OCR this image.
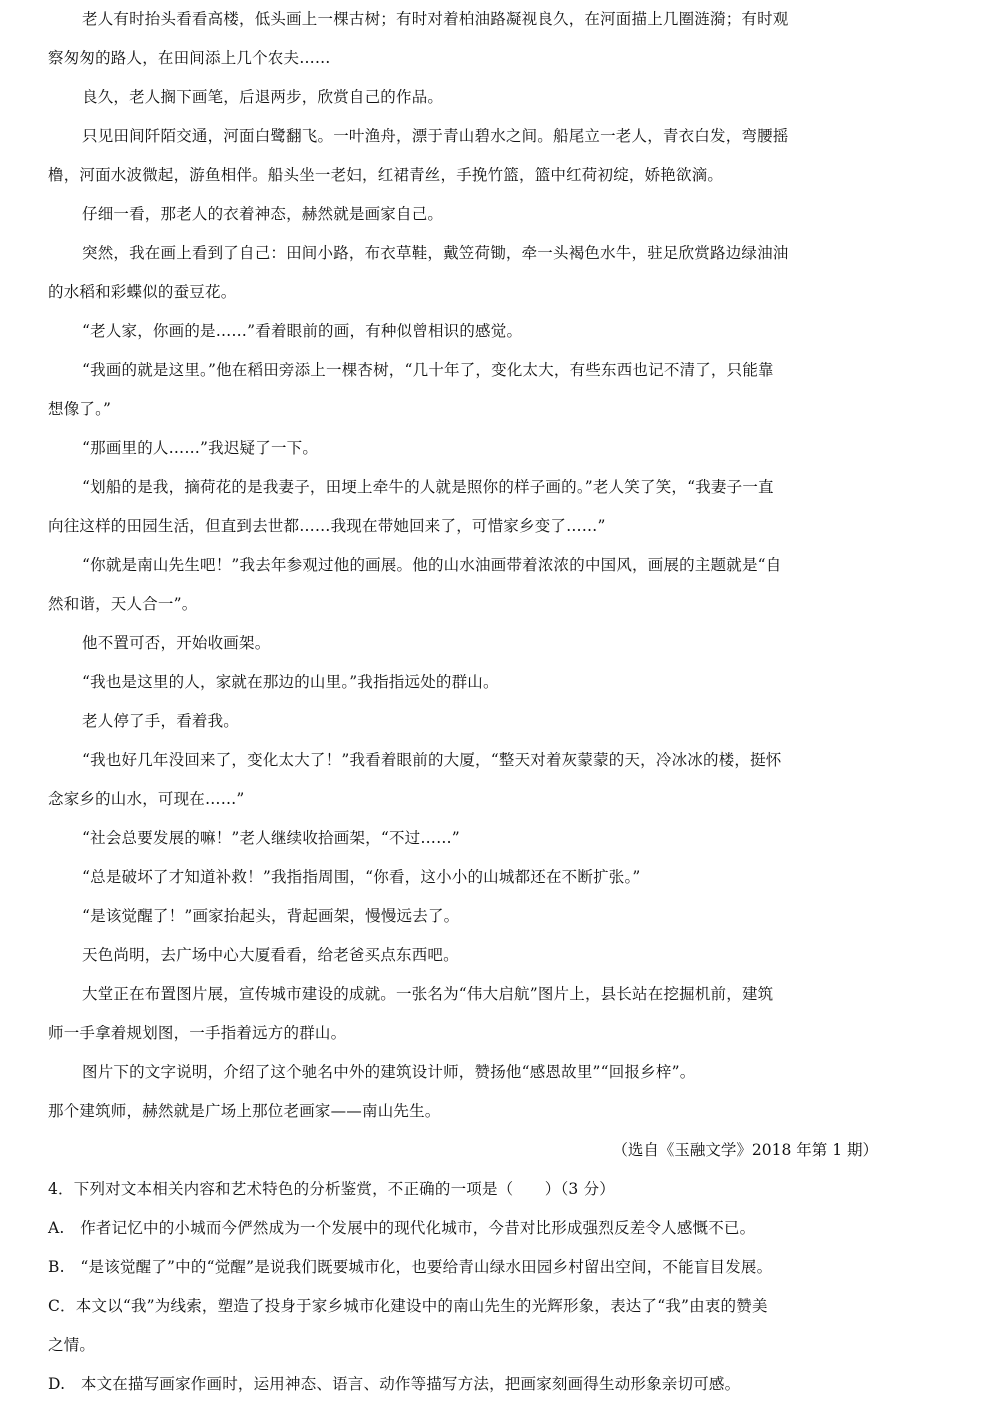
老人有时抬头看看高楼，低头画上一棵古树；有时对着柏油路凝视良久，在河面描上几圈涟漪；有时观
察匆匆的路人，在田间添上几个农夫……
良久，老人搁下画笔，后退两步，欣赏自己的作品。
只见田间阡陌交通，河面白鹭翻飞。一叶渔舟，漂于青山碧水之间。船尾立一老人，青衣白发，弯腰摇
橹，河面水波微起，游鱼相伴。船头坐一老妇，红裙青丝，手挽竹篮，篮中红荷初绽，娇艳欲滴。
仔细一看，那老人的衣着神态，赫然就是画家自己。
突然，我在画上看到了自己：田间小路，布衣草鞋，戴笠荷锄，牵一头褐色水牛，驻足欣赏路边绿油油
的水稻和彩蝶似的蚕豆花。
“老人家，你画的是……”看着眼前的画，有种似曾相识的感觉。
“我画的就是这里。”他在稻田旁添上一棵杏树，“几十年了，变化太大，有些东西也记不清了，只能靠
想像了。”
“那画里的人……”我迟疑了一下。
“划船的是我，摘荷花的是我妻子，田埂上牵牛的人就是照你的样子画的。”老人笑了笑，“我妻子一直
向往这样的田园生活，但直到去世都……我现在带她回来了，可惜家乡变了……”
“你就是南山先生吧！”我去年参观过他的画展。他的山水油画带着浓浓的中国风，画展的主题就是“自
然和谐，天人合一”。
他不置可否，开始收画架。
“我也是这里的人，家就在那边的山里。”我指指远处的群山。
老人停了手，看着我。
“我也好几年没回来了，变化太大了！”我看着眼前的大厦，“整天对着灰蒙蒙的天，冷冰冰的楼，挺怀
念家乡的山水，可现在……”
“社会总要发展的嘛！”老人继续收拾画架，“不过……”
“总是破坏了才知道补救！”我指指周围，“你看，这小小的山城都还在不断扩张。”
“是该觉醒了！”画家抬起头，背起画架，慢慢远去了。
天色尚明，去广场中心大厦看看，给老爸买点东西吧。
大堂正在布置图片展，宣传城市建设的成就。一张名为“伟大启航”图片上，县长站在挖掘机前，建筑
师一手拿着规划图，一手指着远方的群山。
图片下的文字说明，介绍了这个驰名中外的建筑设计师，赞扬他“感恩故里”“回报乡梓”。
那个建筑师，赫然就是广场上那位老画家——南山先生。
（选自《玉融文学》2018 年第 1 期）
4．下列对文本相关内容和艺术特色的分析鉴赏，不正确的一项是（　　）（3 分）
A.　作者记忆中的小城而今俨然成为一个发展中的现代化城市，今昔对比形成强烈反差令人感慨不已。
B.　“是该觉醒了”中的“觉醒”是说我们既要城市化，也要给青山绿水田园乡村留出空间，不能盲目发展。
C．本文以“我”为线索，塑造了投身于家乡城市化建设中的南山先生的光辉形象，表达了“我”由衷的赞美
之情。
D.　本文在描写画家作画时，运用神态、语言、动作等描写方法，把画家刻画得生动形象亲切可感。
